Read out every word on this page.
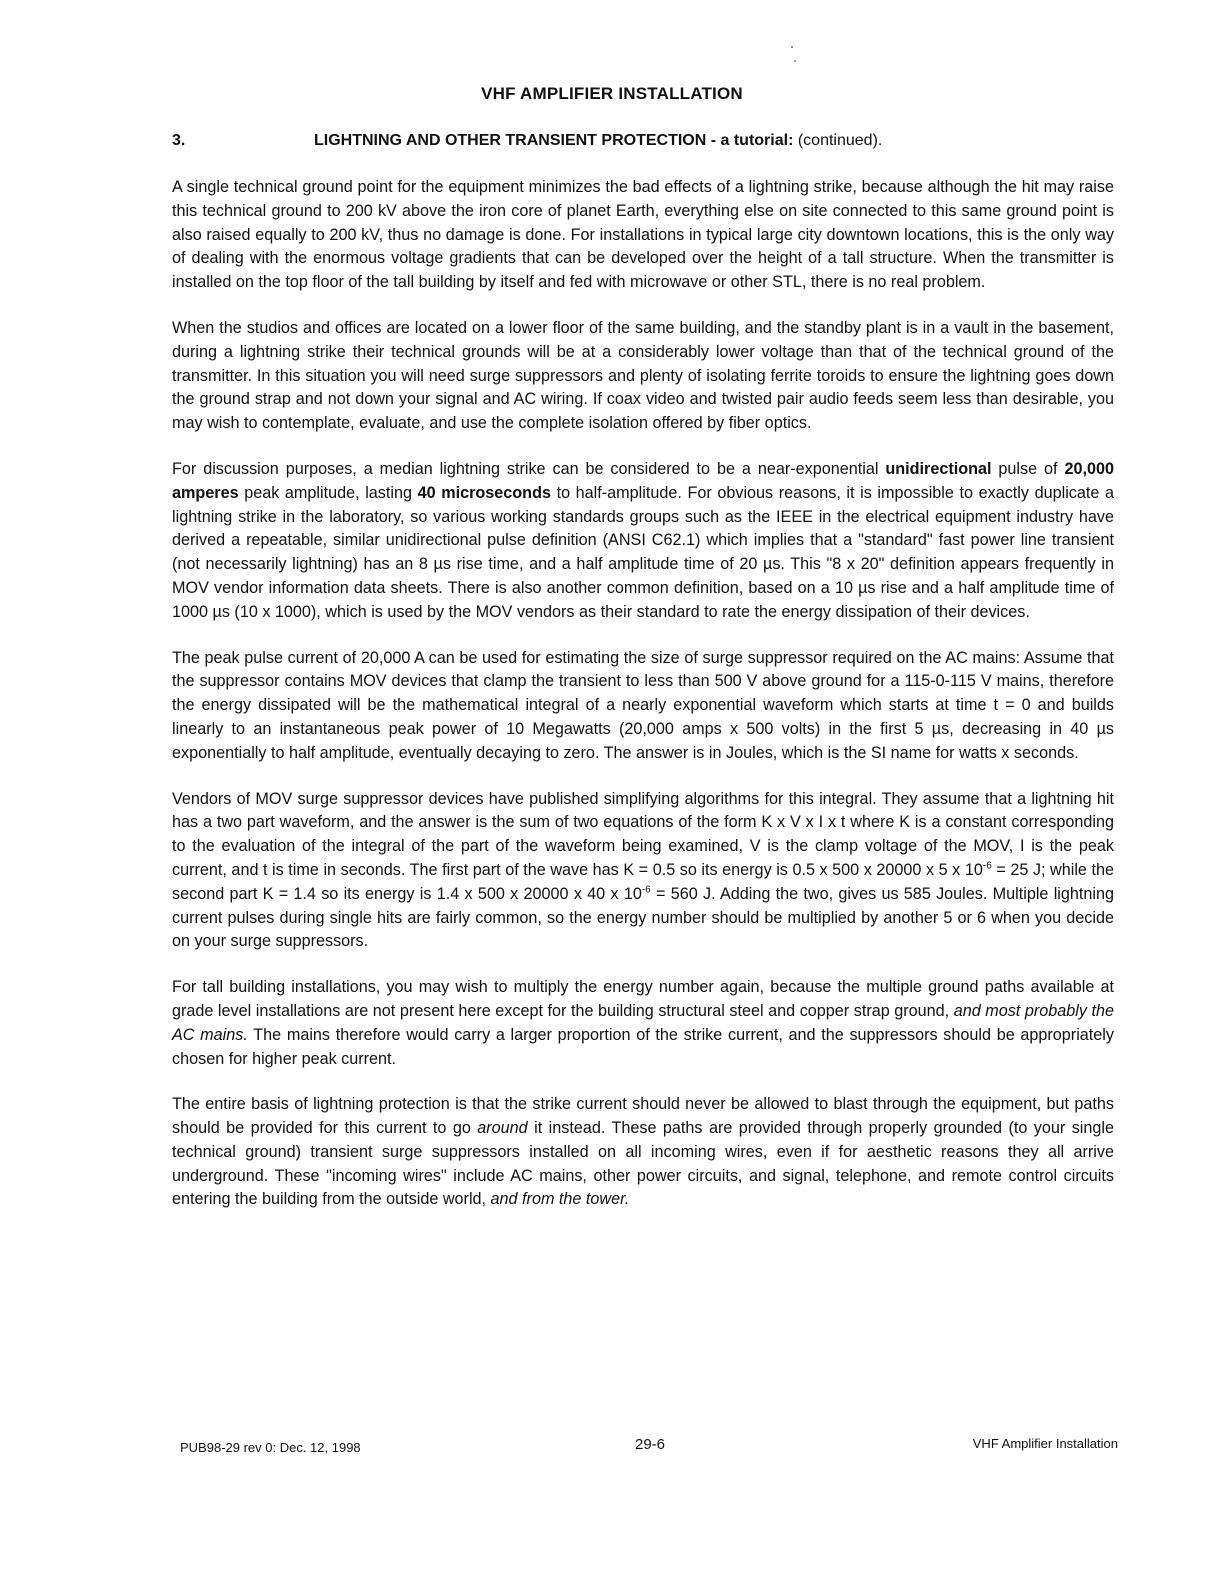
VHF AMPLIFIER INSTALLATION
3.	LIGHTNING AND OTHER TRANSIENT PROTECTION - a tutorial: (continued).

A single technical ground point for the equipment minimizes the bad effects of a lightning strike, because although the hit may raise this technical ground to 200 kV above the iron core of planet Earth, everything else on site connected to this same ground point is also raised equally to 200 kV, thus no damage is done. For installations in typical large city downtown locations, this is the only way of dealing with the enormous voltage gradients that can be developed over the height of a tall structure. When the transmitter is installed on the top floor of the tall building by itself and fed with microwave or other STL, there is no real problem.

When the studios and offices are located on a lower floor of the same building, and the standby plant is in a vault in the basement, during a lightning strike their technical grounds will be at a considerably lower voltage than that of the technical ground of the transmitter. In this situation you will need surge suppressors and plenty of isolating ferrite toroids to ensure the lightning goes down the ground strap and not down your signal and AC wiring. If coax video and twisted pair audio feeds seem less than desirable, you may wish to contemplate, evaluate, and use the complete isolation offered by fiber optics.

For discussion purposes, a median lightning strike can be considered to be a near-exponential unidirectional pulse of 20,000 amperes peak amplitude, lasting 40 microseconds to half-amplitude. For obvious reasons, it is impossible to exactly duplicate a lightning strike in the laboratory, so various working standards groups such as the IEEE in the electrical equipment industry have derived a repeatable, similar unidirectional pulse definition (ANSI C62.1) which implies that a "standard" fast power line transient (not necessarily lightning) has an 8 µs rise time, and a half amplitude time of 20 µs. This "8 x 20" definition appears frequently in MOV vendor information data sheets. There is also another common definition, based on a 10 µs rise and a half amplitude time of 1000 µs (10 x 1000), which is used by the MOV vendors as their standard to rate the energy dissipation of their devices.

The peak pulse current of 20,000 A can be used for estimating the size of surge suppressor required on the AC mains: Assume that the suppressor contains MOV devices that clamp the transient to less than 500 V above ground for a 115-0-115 V mains, therefore the energy dissipated will be the mathematical integral of a nearly exponential waveform which starts at time t = 0 and builds linearly to an instantaneous peak power of 10 Megawatts (20,000 amps x 500 volts) in the first 5 µs, decreasing in 40 µs exponentially to half amplitude, eventually decaying to zero. The answer is in Joules, which is the SI name for watts x seconds.

Vendors of MOV surge suppressor devices have published simplifying algorithms for this integral. They assume that a lightning hit has a two part waveform, and the answer is the sum of two equations of the form K x V x I x t where K is a constant corresponding to the evaluation of the integral of the part of the waveform being examined, V is the clamp voltage of the MOV, I is the peak current, and t is time in seconds. The first part of the wave has K = 0.5 so its energy is 0.5 x 500 x 20000 x 5 x $10^{-6} = 25$ J; while the second part K = 1.4 so its energy is 1.4 x 500 x 20000 x 40 x $10^{-6} = 560$ J. Adding the two, gives us 585 Joules. Multiple lightning current pulses during single hits are fairly common, so the energy number should be multiplied by another 5 or 6 when you decide on your surge suppressors.

For tall building installations, you may wish to multiply the energy number again, because the multiple ground paths available at grade level installations are not present here except for the building structural steel and copper strap ground, and most probably the AC mains. The mains therefore would carry a larger proportion of the strike current, and the suppressors should be appropriately chosen for higher peak current.

The entire basis of lightning protection is that the strike current should never be allowed to blast through the equipment, but paths should be provided for this current to go around it instead. These paths are provided through properly grounded (to your single technical ground) transient surge suppressors installed on all incoming wires, even if for aesthetic reasons they all arrive underground. These "incoming wires" include AC mains, other power circuits, and signal, telephone, and remote control circuits entering the building from the outside world, and from the tower.

PUB98-29 rev 0: Dec. 12, 1998	29-6	VHF Amplifier Installation
